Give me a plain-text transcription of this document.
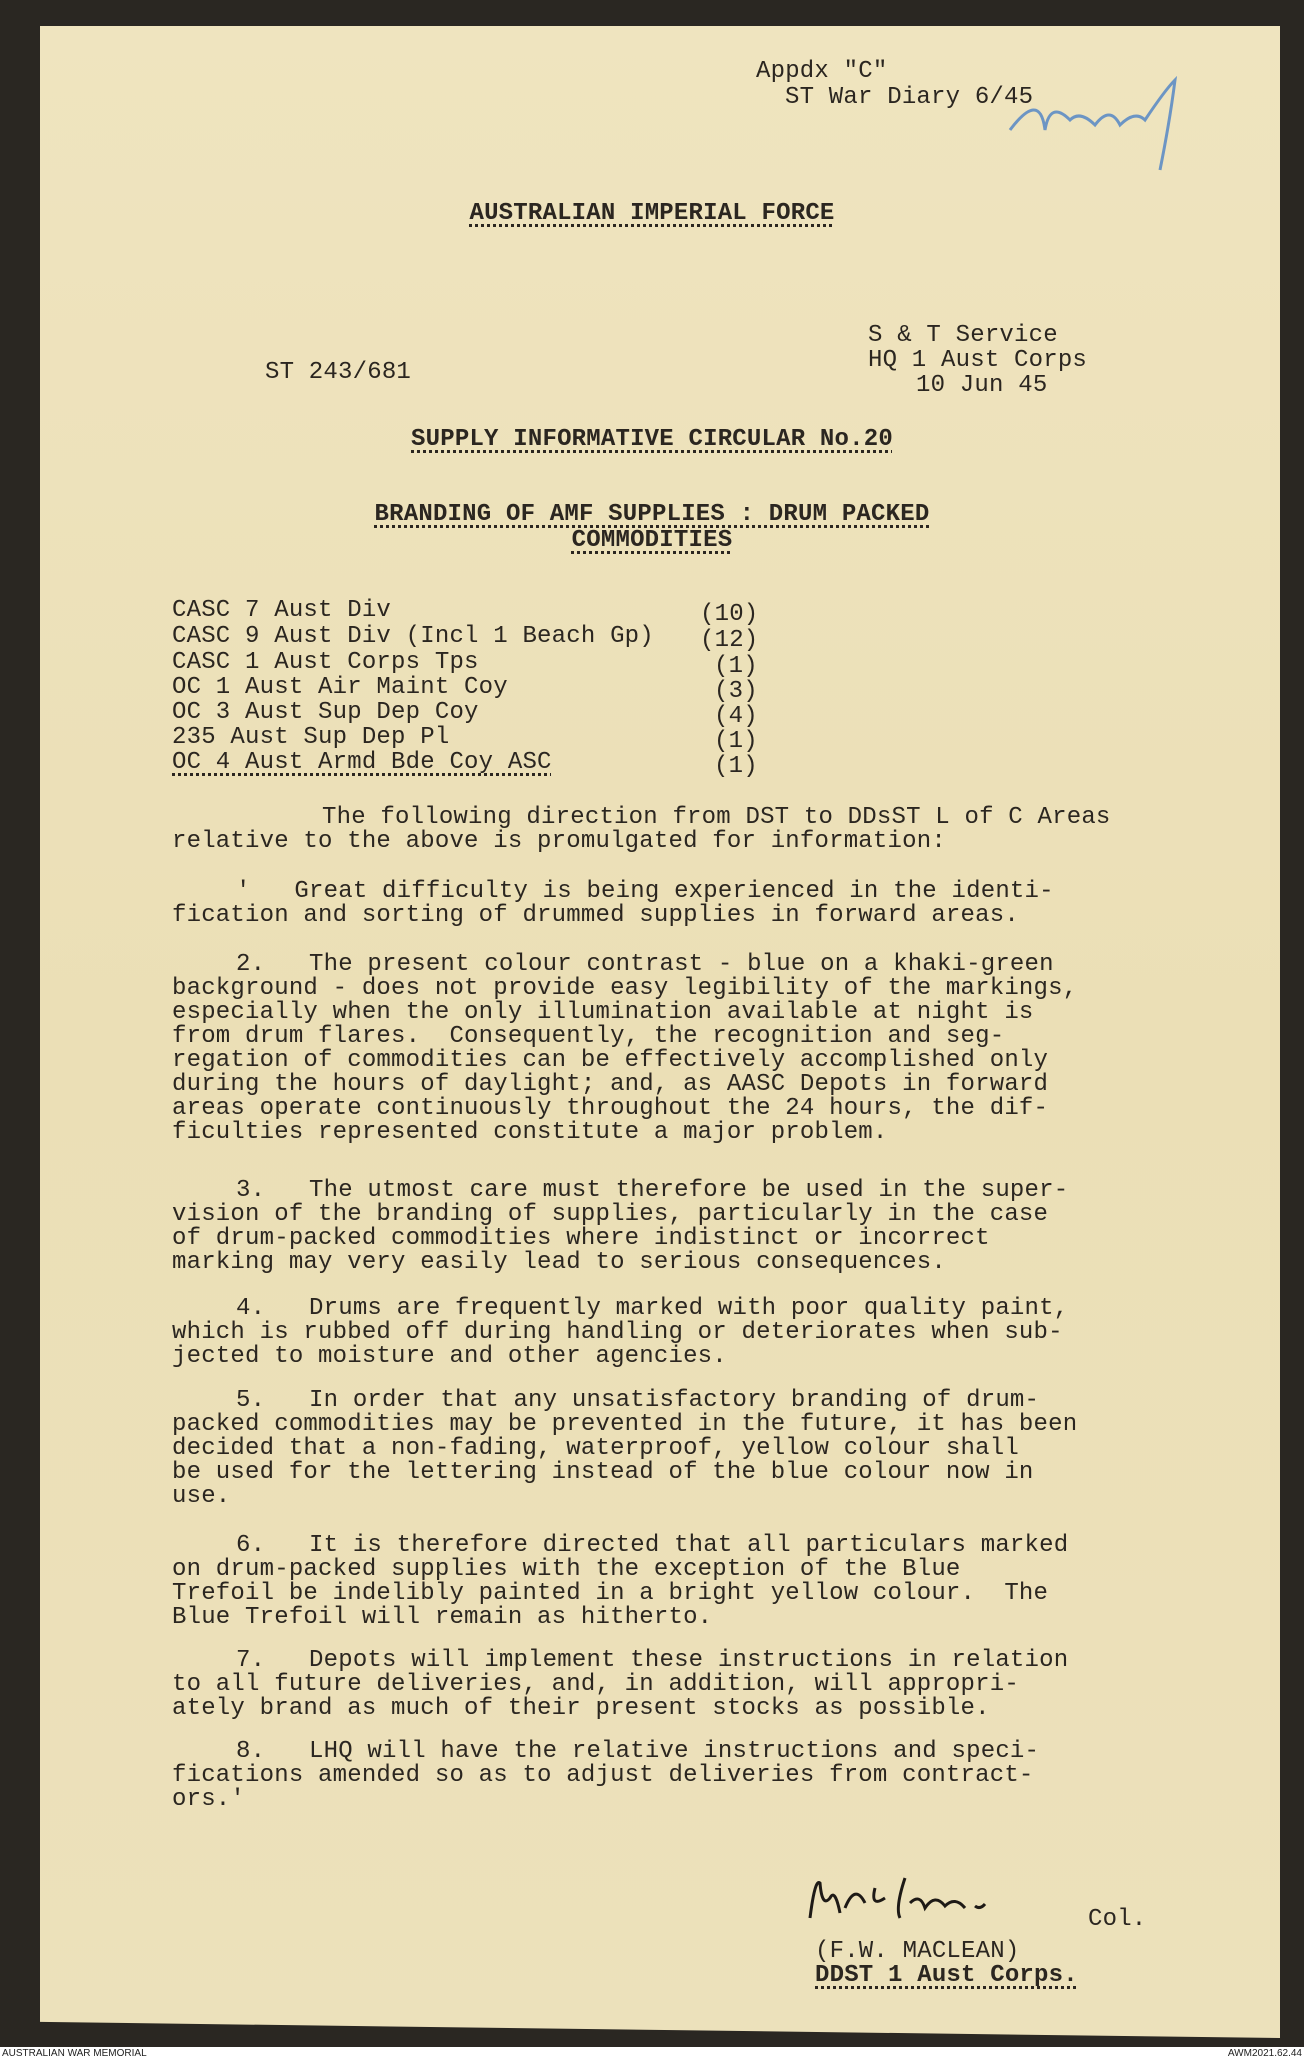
Appdx "C"
ST War Diary 6/45
AUSTRALIAN IMPERIAL FORCE
ST 243/681
S & T Service
HQ 1 Aust Corps
10 Jun 45
SUPPLY INFORMATIVE CIRCULAR No.20
BRANDING OF AMF SUPPLIES : DRUM PACKED
COMMODITIES
CASC 7 Aust Div	(10)
CASC 9 Aust Div (Incl 1 Beach Gp) (12)
CASC 1 Aust Corps Tps	(1)
OC 1 Aust Air Maint Coy	(3)
OC 3 Aust Sup Dep Coy	(4)
235 Aust Sup Dep Pl	(1)
OC 4 Aust Armd Bde Coy ASC	(1)
The following direction from DST to DDsST L of C Areas
relative to the above is promulgated for information:
'   Great difficulty is being experienced in the identi-
fication and sorting of drummed supplies in forward areas.
2.   The present colour contrast - blue on a khaki-green
background - does not provide easy legibility of the markings,
especially when the only illumination available at night is
from drum flares.  Consequently, the recognition and seg-
regation of commodities can be effectively accomplished only
during the hours of daylight; and, as AASC Depots in forward
areas operate continuously throughout the 24 hours, the dif-
ficulties represented constitute a major problem.
3.   The utmost care must therefore be used in the super-
vision of the branding of supplies, particularly in the case
of drum-packed commodities where indistinct or incorrect
marking may very easily lead to serious consequences.
4.   Drums are frequently marked with poor quality paint,
which is rubbed off during handling or deteriorates when sub-
jected to moisture and other agencies.
5.   In order that any unsatisfactory branding of drum-
packed commodities may be prevented in the future, it has been
decided that a non-fading, waterproof, yellow colour shall
be used for the lettering instead of the blue colour now in
use.
6.   It is therefore directed that all particulars marked
on drum-packed supplies with the exception of the Blue
Trefoil be indelibly painted in a bright yellow colour.  The
Blue Trefoil will remain as hitherto.
7.   Depots will implement these instructions in relation
to all future deliveries, and, in addition, will appropri-
ately brand as much of their present stocks as possible.
8.   LHQ will have the relative instructions and speci-
fications amended so as to adjust deliveries from contract-
ors.'
Col.
(F.W. MACLEAN)
DDST 1 Aust Corps.
AUSTRALIAN WAR MEMORIAL	AWM2021.62.44
